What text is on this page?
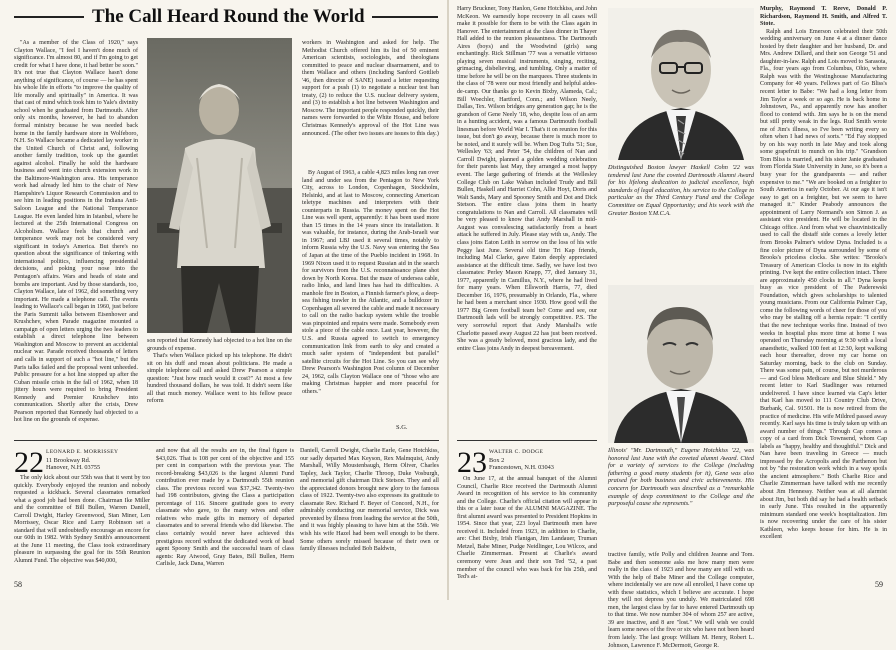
The Call Heard Round the World

"As a member of the Class of 1920," says Clayton Wallace, "I feel I haven't done much of significance. I'm almost 80, and if I'm going to get credit for what I have done, it had better be soon." It's not true that Clayton Wallace hasn't done anything of significance, of course — he has spent his whole life in efforts "to improve the quality of life morally and spiritually" in America. It was that cast of mind which took him to Yale's divinity school when he graduated from Dartmouth. After only six months, however, he had to abandon formal ministry because he was needed back home in the family hardware store in Wolfeboro, N.H. So Wallace became a dedicated lay worker in the United Church of Christ and, following another family tradition, took up the gauntlet against alcohol. Finally he sold the hardware business and went into church extension work in the Baltimore-Washington area. His temperance work had already led him to the chair of New Hampshire's Liquor Research Commission and to see him in leading positions in the Indiana Anti-Saloon League and the National Temperance League. He even landed him in Istanbul, where he lectured at the 25th International Congress on Alcoholism. Wallace feels that church and temperance work may not be considered very significant in today's America. But there's no question about the significance of tinkering with international politics, influencing presidential decisions, and poking your nose into the Pentagon's affairs. Wars and heads of state and bombs are important. And by those standards, too, Clayton Wallace, late of 1962, did something very important. He made a telephone call. The events leading to Wallace's call began in 1960, just before the Paris Summit talks between Eisenhower and Krushchev, when Parade magazine mounted a campaign of open letters urging the two leaders to establish a direct telephone line between Washington and Moscow to prevent an accidental nuclear war. Parade received thousands of letters and calls in support of such a "hot line," but the Paris talks failed and the proposal went unheeded. Public pressure for a hot line stopped up after the Cuban missile crisis in the fall of 1962, when 18 jittery hours were required to bring President Kennedy and Premier Krushchev into communication. Shortly after the crisis, Drew Pearson reported that Kennedy had objected to a hot line on the grounds of expense.

son reported that Kennedy had objected to a hot line on the grounds of expense.

That's when Wallace picked up his telephone. He didn't sit on his duff and moan about politicians. He made a simple telephone call and asked Drew Pearson a simple question: "Just how much would it cost?" At most a few hundred thousand dollars, he was told. It didn't seem like all that much money. Wallace went to his fellow peace reform

workers in Washington and asked for help. The Methodist Church offered him its list of 50 eminent American scientists, sociologists, and theologians committed to peace and nuclear disarmament, and to them Wallace and others (including Sanford Gottlieb '46, then director of SANE) issued a letter requesting support for a push (1) to negotiate a nuclear test ban treaty, (2) to reduce the U.S. nuclear delivery system, and (3) to establish a hot line between Washington and Moscow. The important people responded quickly, their names were forwarded to the White House, and before Christmas Kennedy's approval of the Hot Line was announced. (The other two issues are issues to this day.)

By August of 1963, a cable 4,823 miles long ran over land and under sea from the Pentagon to New York City, across to London, Copenhagen, Stockholm, Helsinki, and at last to Moscow, connecting American teletype machines and interpreters with their counterparts in Russia. The money spent on the Hot Line was well spent, apparently: it has been used more than 15 times in the 14 years since its installation. It was valuable, for instance, during the Arab-Israeli war in 1967; and LBJ used it several times, notably to inform Russia why the U.S. Navy was entering the Sea of Japan at the time of the Pueblo incident in 1968. In 1969 Nixon used it to request Russian aid in the search for survivors from the U.S. reconnaissance plane shot down by North Korea. But the maze of undersea cable, radio links, and land lines has had its difficulties. A manhole fire in Boston, a Finnish farmer's plow, a deep-sea fishing trawler in the Atlantic, and a bulldozer in Copenhagen all severed the cable and made it necessary to call on the radio backup system while the trouble was pinpointed and repairs were made. Somebody even stole a piece of the cable once. Last year, however, the U.S. and Russia agreed to switch to emergency communication link from earth to sky and created a much safer system of "independent but parallel" satellite circuits for the Hot Line. So you can see why Drew Pearson's Washington Post column of December 24, 1962, calls Clayton Wallace one of "those who are making Christmas happier and more peaceful for others."

S.G.
22 LEONARD E. MORRISSEY
11 Brookway Rd.
Hanover, N.H. 03755

The only kick about our 55th was that it went by too quickly. Everybody enjoyed the reunion and nobody requested a kickback. Several classmates remarked what a good job had been done. Chairman Ike Miller and the committee of Bill Bullen, Warren Daniell, Carroll Dwight, Harley Greenwood, Stan Miner, Len Morrissey, Oscar Rice and Larry Robinson set a standard that will undoubtedly encourage an encore for our 60th in 1982. With Sydney Smith's announcement at the June 11 meeting, the Class took extraordinary pleasure in surpassing the goal for its 55th Reunion Alumni Fund. The objective was $40,000,

and now that all the results are in, the final figure is $43,026. That is 108 per cent of the objective and 155 per cent in comparison with the previous year. The record-breaking $43,026 is the largest Alumni Fund contribution ever made by a Dartmouth 55th reunion class. The previous record was $37,342. Twenty-two had 198 contributors, giving the Class a participation percentage of 116. Sincere gratitude goes to every classmate who gave, to the many wives and other relatives who made gifts in memory of departed classmates and to several friends who did likewise. The class certainly would never have achieved this prestigious record without the dedicated work of head agent Spoony Smith and the successful team of class agents: Ray Atwood, Gray Bates, Bill Bullen, Herm Carlisle, Jack Dana, Warren

Daniell, Carroll Dwight, Charlie Earle, Gene Hotchkiss, our sadly departed Max Keyson, Rex Malmquist, Andy Marshall, Willy Moustenbaugh, Herm Oliver, Charles Tapley, Jack Taylor, Charlie Throop, Duke Vosburgh, and memorial gift chairman Dick Stetson. They and all the appreciated donors brought new glory to the famous class of 1922. Twenty-two also expresses its gratitude to classmate Rev. Richard F. Beyer of Concord, N.H., for admirably conducting our memorial service, Dick was prevented by illness from leading the service at the 50th, and it was highly pleasing to have him at the 55th. We wish his wife Hazel had been well enough to be there. Some others sorely missed because of their own or family illnesses included Bob Baldwin,

58

Harry Bruckner, Tony Hanlon, Gene Hotchkiss, and John McKeon. We earnestly hope recovery in all cases will make it possible for them to be with the Class again in Hanover. The entertainment at the class dinner in Thayer Hall added to the reunion pleasantness. The Dartmouth Aires (boys) and the Woodwind (girls) sang enchantingly. Rick Stillman '77 was a versatile virtuoso playing seven musical instruments, singing, reciting, grimacing, disbelieving, and tumbling. Only a matter of time before he will be on the marquees. Three students in the class of '78 were our most friendly and helpful aides-de-camp. Our thanks go to Kevin Bixby, Alameda, Cal.; Bill Woechler, Hartford, Conn.; and Wilson Neely, Dallas, Tex. Wilson bridges any generation gap; he is the grandson of Gene Neely '18, who, despite loss of an arm in a hunting accident, was a famous Dartmouth football linesman before World War I. That's it on reunion for this issue, but don't go away, because there is much more to be noted, and it surely will be. When Dog Tufts '51; Sue, Wellesley '63; and Peter '54, the children of Nan and Carroll Dwight, planned a golden wedding celebration for their parents last May, they arranged a most happy event. The large gathering of friends at the Wellesley College Club on Lake Waban included Trudy and Bill Bullen, Haskell and Harriet Cohn, Allie Hoyt, Doris and Walt Sands, Mary and Spooney Smith and Dot and Dick Stetson. The entire class joins them in hearty congratulations to Nan and Carroll. All classmates will be very pleased to know that Andy Marshall in mid-August was convalescing satisfactorily from a heart attack he suffered in July. Please stay with us, Andy. The class joins Eaton Leith in sorrow on the loss of his wife Peggy last June. Several old time Tri Kap friends, including Mal Clarke, gave Eaton deeply appreciated assistance at the difficult time. Sadly, we have lost two classmates: Perley Mason Knapp, 77, died January 31, 1977, apparently in Camillus, N.Y., where he had lived for many years. When Ellsworth Harris, 77, died December 16, 1976, presumably in Orlando, Fla., where he had been a merchant since 1930. How good will the 1977 Big Green football team be? Come and see, our Dartmouth lads will be strongly competitive. P.S. The very sorrowful report that Andy Marshall's wife Charlotte passed away August 22 has just been received. She was a greatly beloved, most gracious lady, and the entire Class joins Andy in deepest bereavement.

Distinguished Boston lawyer Haskell Cohn '22 was tendered last June the coveted Dartmouth Alumni Award for his lifelong dedication to judicial excellence, high standards of legal education, his service to the College in particular as the Third Century Fund and the College Committee on Equal Opportunity; and his work with the Greater Boston Y.M.C.A.
Illinois' "Mr. Dartmouth," Eugene Hotchkiss '22, was honored last June with the coveted alumni Award. Cited for a variety of services to the College (including fathering a good many students for it), Gene was also praised for both business and civic achievements. His concern for Dartmouth was described as a "remarkable example of deep commitment to the College and the purposeful cause she represents."

Murphy, Raymond T. Reeve, Donald P. Richardson, Raymond H. Smith, and Alfred T. Stote.

Ralph and Lois Emerson celebrated their 50th wedding anniversary on June 4 at a dinner dance hosted by their daughter and her husband, Dr. and Mrs. Andrew Dillard, and their son George '51 and daughter-in-law. Ralph and Lois moved to Sarasota, Fla., four years ago from Columbus, Ohio, where Ralph was with the Westinghouse Manufacturing Company for 40 years. Fellows part of Go Bliss's recent letter to Babe: "We had a long letter from Jim Taylor a week or so ago. He is back home in Johnstown, Pa., and apparently now has another flood to contend with. Jim says he is on the mend but still pretty weak in the legs. Rud Smith wrote me of Jim's illness, so I've been writing every so often when I had news of sorts." "Ed Fay stopped by on his way north in late May and took along some grapefruit to munch on his trip." "Grandson Tom Bliss is married, and his sister Janie graduated from Florida State University in June, so it's been a busy year for the grandparents — and rather expensive to me." "We are booked on a freighter to South America in early October. At our age it isn't easy to get on a freighter, but we seem to have managed it." Kinder Peabody announces the appointment of Larry Normand's son Simon J. as assistant vice president. He will be located in the Chicago office. And from what we chauvinistically used to call the distaff side comes a lovely letter from Brooks Palmer's widow Dyna. Included is a fine color picture of Dyna surrounded by some of Brooks's priceless clocks. She writes: "Brooks's Treasury of American Clocks is now in its eighth printing. I've kept the entire collection intact. There are approximately 450 clocks in all." Dyna keeps busy as vice president of The Paderewski Foundation, which gives scholarships to talented young musicians. From our California Palmer Cap, come the following words of cheer for those of you who may be stalling off a hernia repair: "I certify that the new technique works fine. Instead of two weeks in hospital plus more time at home I was operated on Thursday morning at 9:30 with a local anaesthetic, walked 100 feet at 12:30, kept walking each hour thereafter, drove my car home on Saturday morning, back to the club on Sunday. There was some pain, of course, but not murderous — and God bless Medicare and Blue Shield." My recent letter to Karl Stadlinger was returned undelivered. I have since learned via Cap's letter that Karl has moved to 111 Country Club Drive, Burbank, Cal. 91501. He is now retired from the practice of medicine. His wife Mildred passed away recently. Karl says his time is truly taken up with an award number of things." Through Cap comes a copy of a card from Dick Townsend, whom Cap labels as "happy, healthy and thoughtful." Dick and Nan have been traveling in Greece — much impressed by the Acropolis and the Parthenon but not by "the restoration work which in a way spoils the ancient atmosphere." Both Charlie Rice and Charlie Zimmerman have talked with me recently about Jim Hennessy. Neither was at all alarmist about Jim, but both did say he had a health setback in early June. This resulted in the apparently minimum standard one week's hospitalization. Jim is now recovering under the care of his sister Kathleen, who keeps house for him. He is in excellent

23 WALTER C. DODGE
Box 2
Francestown, N.H. 03043

On June 17, at the annual banquet of the Alumni Council, Charlie Rice received the Dartmouth Alumni Award in recognition of his service to his community and the College. Charlie's official citation will appear in this or a later issue of the ALUMNI MAGAZINE. The first alumni award was presented to President Hopkins in 1954. Since that year, 223 loyal Dartmouth men have received it. Included from 1923, in addition to Charlie, are: Chet Bixby, Irish Flanigan, Jim Landauer, Truman Metzel, Babe Miner, Pudge Neidlinger, Lou Wilcox, and Charlie Zimmerman. Present at Charlie's award ceremony were Jean and their son Ted '52, a past member of the council who was back for his 25th, and Ted's at-

tractive family, wife Polly and children Jeanne and Tom. Babe and then someone asks me how many men were really in the class of 1923 and how many are still with us. With the help of Babe Miner and the College computer, where incidentally we are now all enrolled, I have come up with these statistics, which I believe are accurate. I hope they will not depress you unduly. We matriculated 698 men, the largest class by far to have entered Dartmouth up to that time. We now number 304 of whom 257 are active, 39 are inactive, and 8 are "lost." We will wish we could learn some news of the five or six who have not been heard from lately. The last group: William M. Henry, Robert L. Johnson, Lawrence F. McDermott, George R.

59
